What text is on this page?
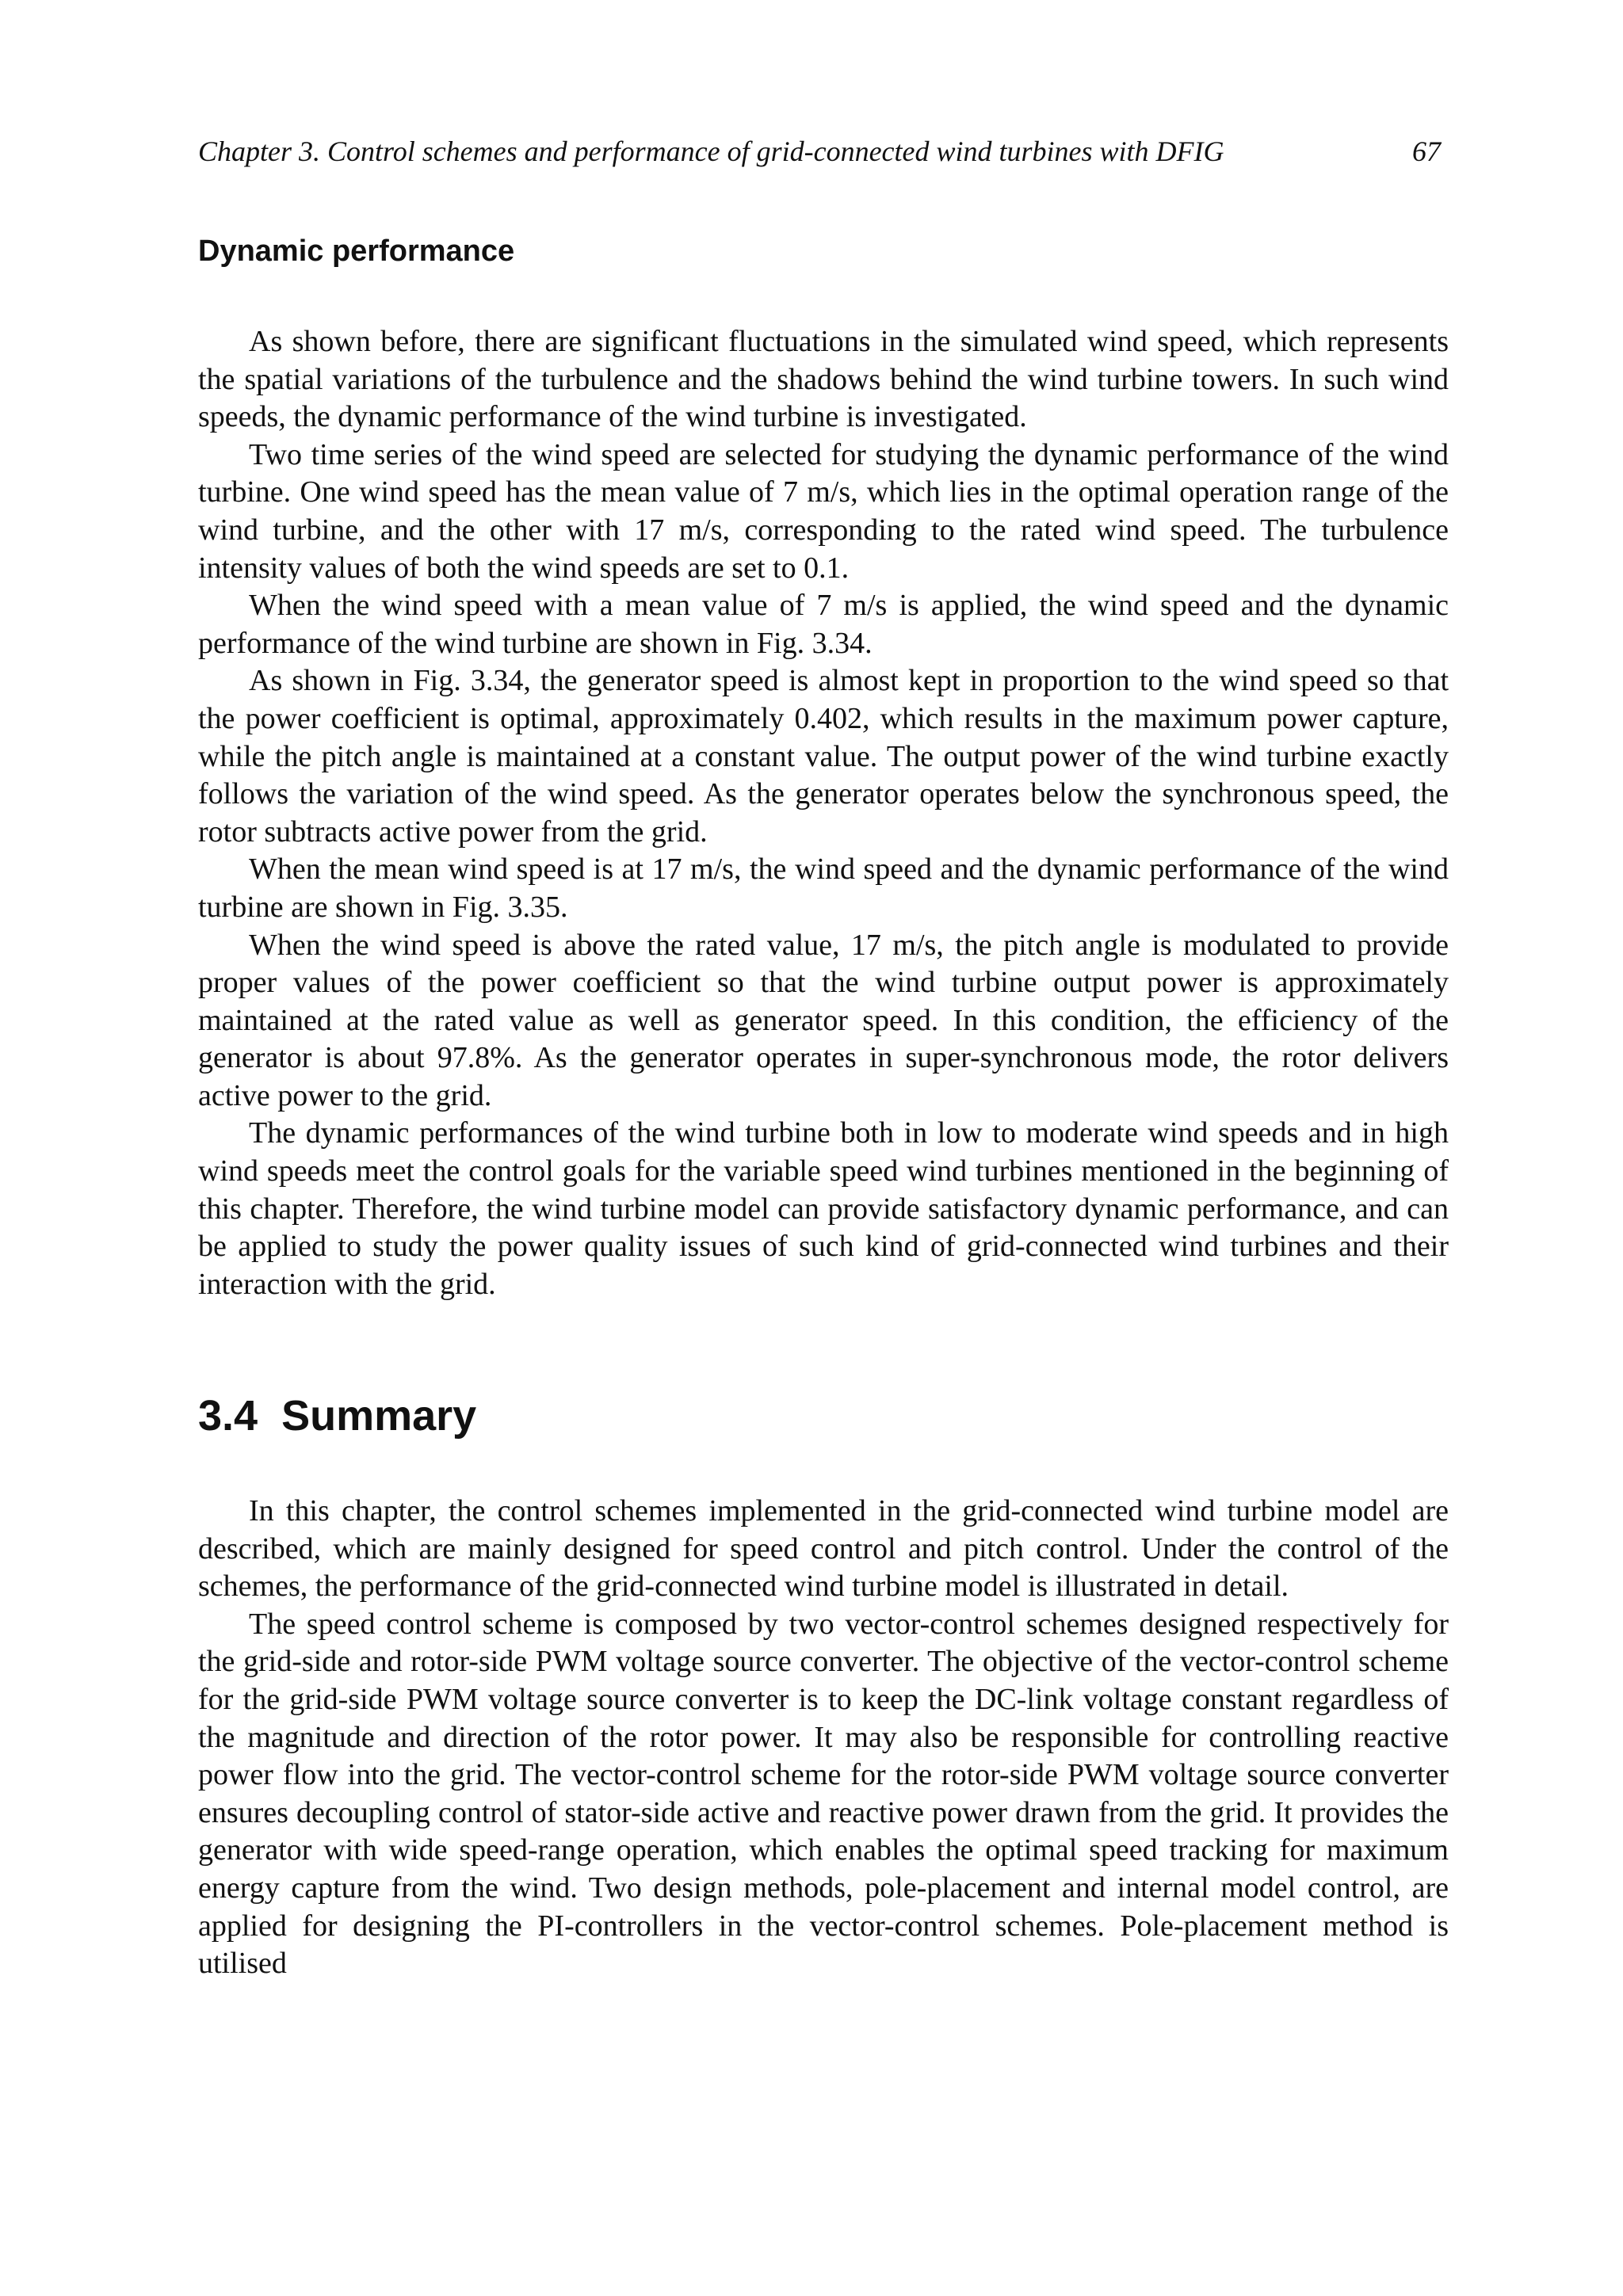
Chapter 3. Control schemes and performance of grid-connected wind turbines with DFIG	67
Dynamic performance

As shown before, there are significant fluctuations in the simulated wind speed, which represents the spatial variations of the turbulence and the shadows behind the wind turbine towers. In such wind speeds, the dynamic performance of the wind turbine is investigated.

Two time series of the wind speed are selected for studying the dynamic performance of the wind turbine. One wind speed has the mean value of 7 m/s, which lies in the optimal operation range of the wind turbine, and the other with 17 m/s, corresponding to the rated wind speed. The turbulence intensity values of both the wind speeds are set to 0.1.

When the wind speed with a mean value of 7 m/s is applied, the wind speed and the dynamic performance of the wind turbine are shown in Fig. 3.34.

As shown in Fig. 3.34, the generator speed is almost kept in proportion to the wind speed so that the power coefficient is optimal, approximately 0.402, which results in the maximum power capture, while the pitch angle is maintained at a constant value. The output power of the wind turbine exactly follows the variation of the wind speed. As the generator operates below the synchronous speed, the rotor subtracts active power from the grid.

When the mean wind speed is at 17 m/s, the wind speed and the dynamic performance of the wind turbine are shown in Fig. 3.35.

When the wind speed is above the rated value, 17 m/s, the pitch angle is modulated to provide proper values of the power coefficient so that the wind turbine output power is approximately maintained at the rated value as well as generator speed. In this condition, the efficiency of the generator is about 97.8%. As the generator operates in super-synchronous mode, the rotor delivers active power to the grid.

The dynamic performances of the wind turbine both in low to moderate wind speeds and in high wind speeds meet the control goals for the variable speed wind turbines mentioned in the beginning of this chapter. Therefore, the wind turbine model can provide satisfactory dynamic performance, and can be applied to study the power quality issues of such kind of grid-connected wind turbines and their interaction with the grid.

3.4 Summary

In this chapter, the control schemes implemented in the grid-connected wind turbine model are described, which are mainly designed for speed control and pitch control. Under the control of the schemes, the performance of the grid-connected wind turbine model is illustrated in detail.

The speed control scheme is composed by two vector-control schemes designed respectively for the grid-side and rotor-side PWM voltage source converter. The objective of the vector-control scheme for the grid-side PWM voltage source converter is to keep the DC-link voltage constant regardless of the magnitude and direction of the rotor power. It may also be responsible for controlling reactive power flow into the grid. The vector-control scheme for the rotor-side PWM voltage source converter ensures decoupling control of stator-side active and reactive power drawn from the grid. It provides the generator with wide speed-range operation, which enables the optimal speed tracking for maximum energy capture from the wind. Two design methods, pole-placement and internal model control, are applied for designing the PI-controllers in the vector-control schemes. Pole-placement method is utilised
